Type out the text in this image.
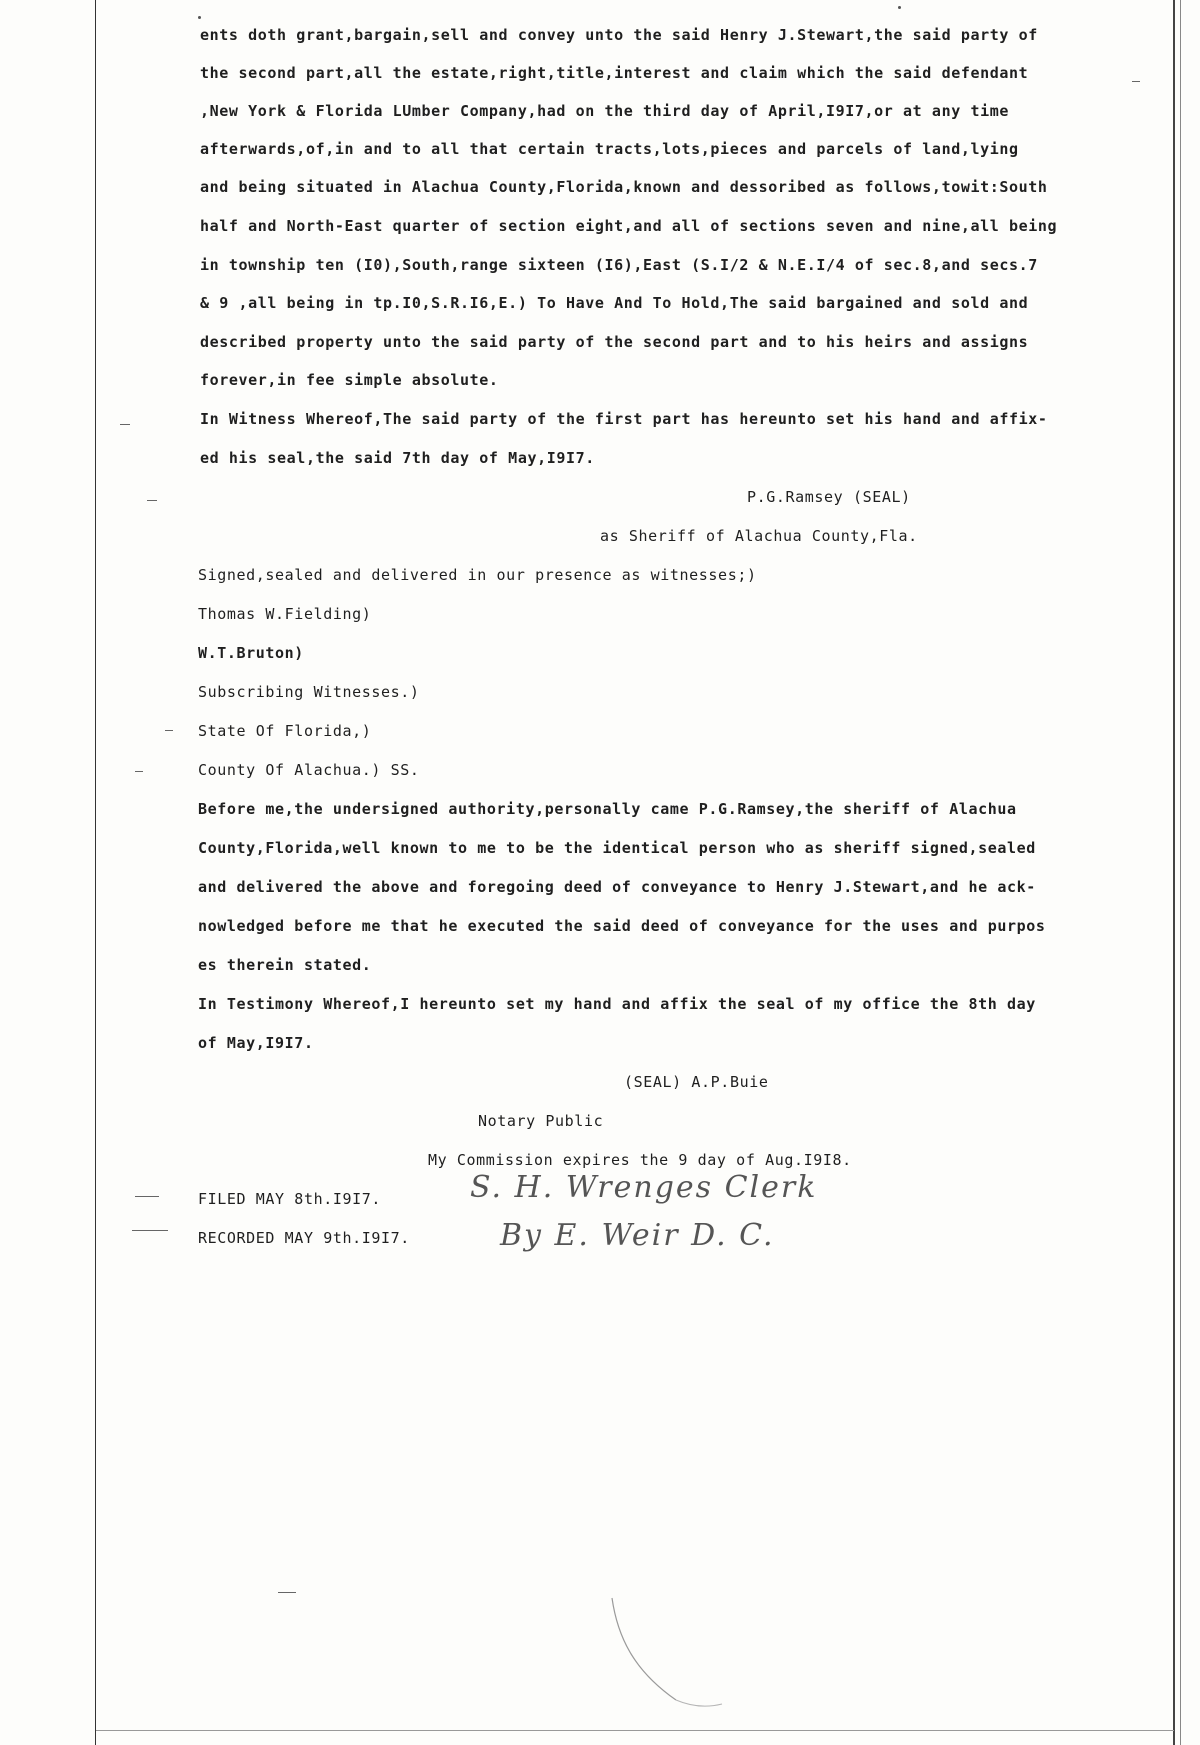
ents doth grant,bargain,sell and convey unto the said Henry J.Stewart,the said party of
the second part,all the estate,right,title,interest and claim which the said defendant
,New York & Florida LUmber Company,had on the third day of April,I9I7,or at any time
afterwards,of,in and to all that certain tracts,lots,pieces and parcels of land,lying
and being situated in Alachua County,Florida,known and dessoribed as follows,towit:South
half and North-East quarter of section eight,and all of sections seven and nine,all being
in township ten (I0),South,range sixteen (I6),East (S.I/2 & N.E.I/4 of sec.8,and secs.7
& 9 ,all being in tp.I0,S.R.I6,E.) To Have And To Hold,The said bargained and sold and
described property unto the said party of the second part and to his heirs and assigns
forever,in fee simple absolute.
In Witness Whereof,The said party of the first part has hereunto set his hand and affix-
ed his seal,the said 7th day of May,I9I7.
P.G.Ramsey (SEAL)
as Sheriff of Alachua County,Fla.
Signed,sealed and delivered in our presence as witnesses;)
Thomas W.Fielding)
W.T.Bruton)
Subscribing Witnesses.)
State Of Florida,)
County Of Alachua.) SS.
Before me,the undersigned authority,personally came P.G.Ramsey,the sheriff of Alachua
County,Florida,well known to me to be the identical person who as sheriff signed,sealed
and delivered the above and foregoing deed of conveyance to Henry J.Stewart,and he ack-
nowledged before me that he executed the said deed of conveyance for the uses and purpos
es therein stated.
In Testimony Whereof,I hereunto set my hand and affix the seal of my office the 8th day
of May,I9I7.
(SEAL) A.P.Buie
Notary Public
My Commission expires the 9 day of Aug.I9I8.
FILED MAY 8th.I9I7.
RECORDED MAY 9th.I9I7.
S. H. Wrenges Clerk
By E. Weir D. C.
